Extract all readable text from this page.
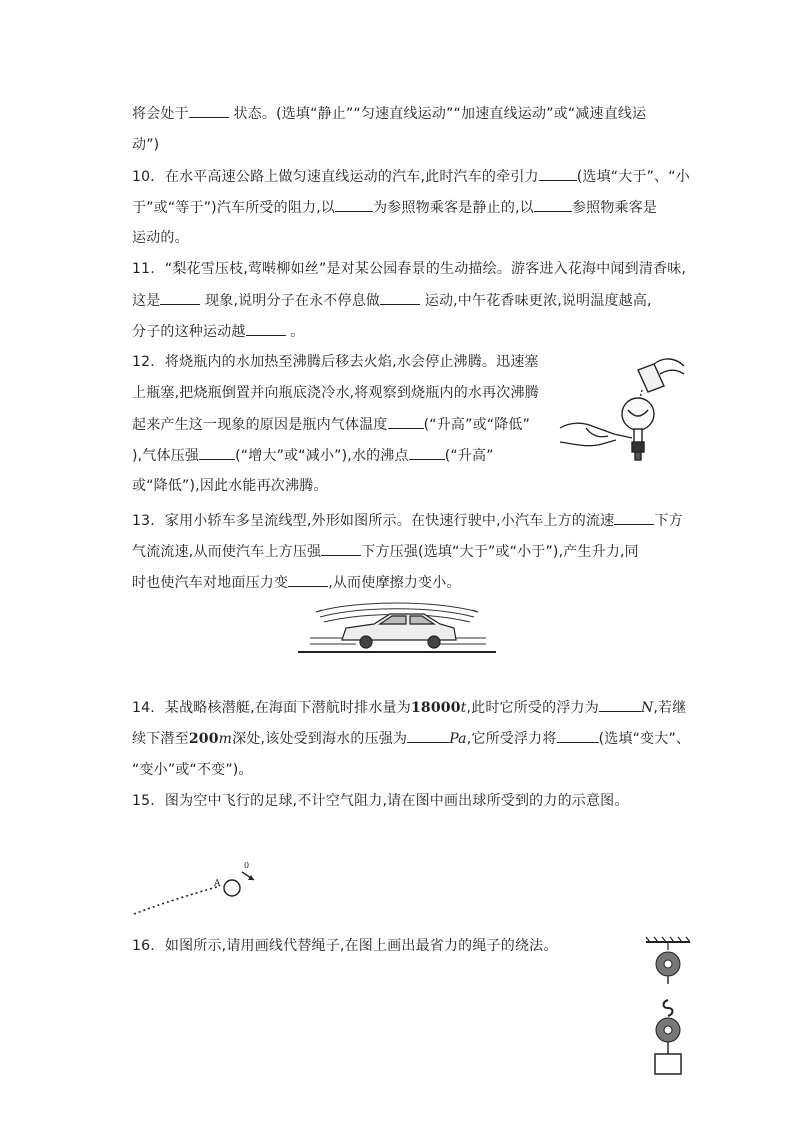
将会处于	状态。(选填“静止”“匀速直线运动”“加速直线运动”或“减速直线运
动”)
10. 在水平高速公路上做匀速直线运动的汽车,此时汽车的牵引力	(选填“大于”、“小
于”或“等于”)汽车所受的阻力,以	为参照物乘客是静止的,以	参照物乘客是
运动的。
11. “梨花雪压枝,莺啭柳如丝”是对某公园春景的生动描绘。游客进入花海中闻到清香味,
这是	现象,说明分子在永不停息做	运动,中午花香味更浓,说明温度越高,
分子的这种运动越	。
12. 将烧瓶内的水加热至沸腾后移去火焰,水会停止沸腾。迅速塞
上瓶塞,把烧瓶倒置并向瓶底浇冷水,将观察到烧瓶内的水再次沸腾
起来产生这一现象的原因是瓶内气体温度	(“升高”或“降低”
),气体压强	(“增大”或“减小”),水的沸点	(“升高”
或“降低”),因此水能再次沸腾。
13. 家用小轿车多呈流线型,外形如图所示。在快速行驶中,小汽车上方的流速	下方
气流流速,从而使汽车上方压强	下方压强(选填“大于”或“小于”),产生升力,同
时也使汽车对地面压力变	,从而使摩擦力变小。
14. 某战略核潜艇,在海面下潜航时排水量为18000t,此时它所受的浮力为	N,若继
续下潜至200m深处,该处受到海水的压强为	Pa,它所受浮力将	(选填“变大”、
“变小”或“不变”)。
15. 图为空中飞行的足球,不计空气阻力,请在图中画出球所受到的力的示意图。
A
0
16. 如图所示,请用画线代替绳子,在图上画出最省力的绳子的绕法。
